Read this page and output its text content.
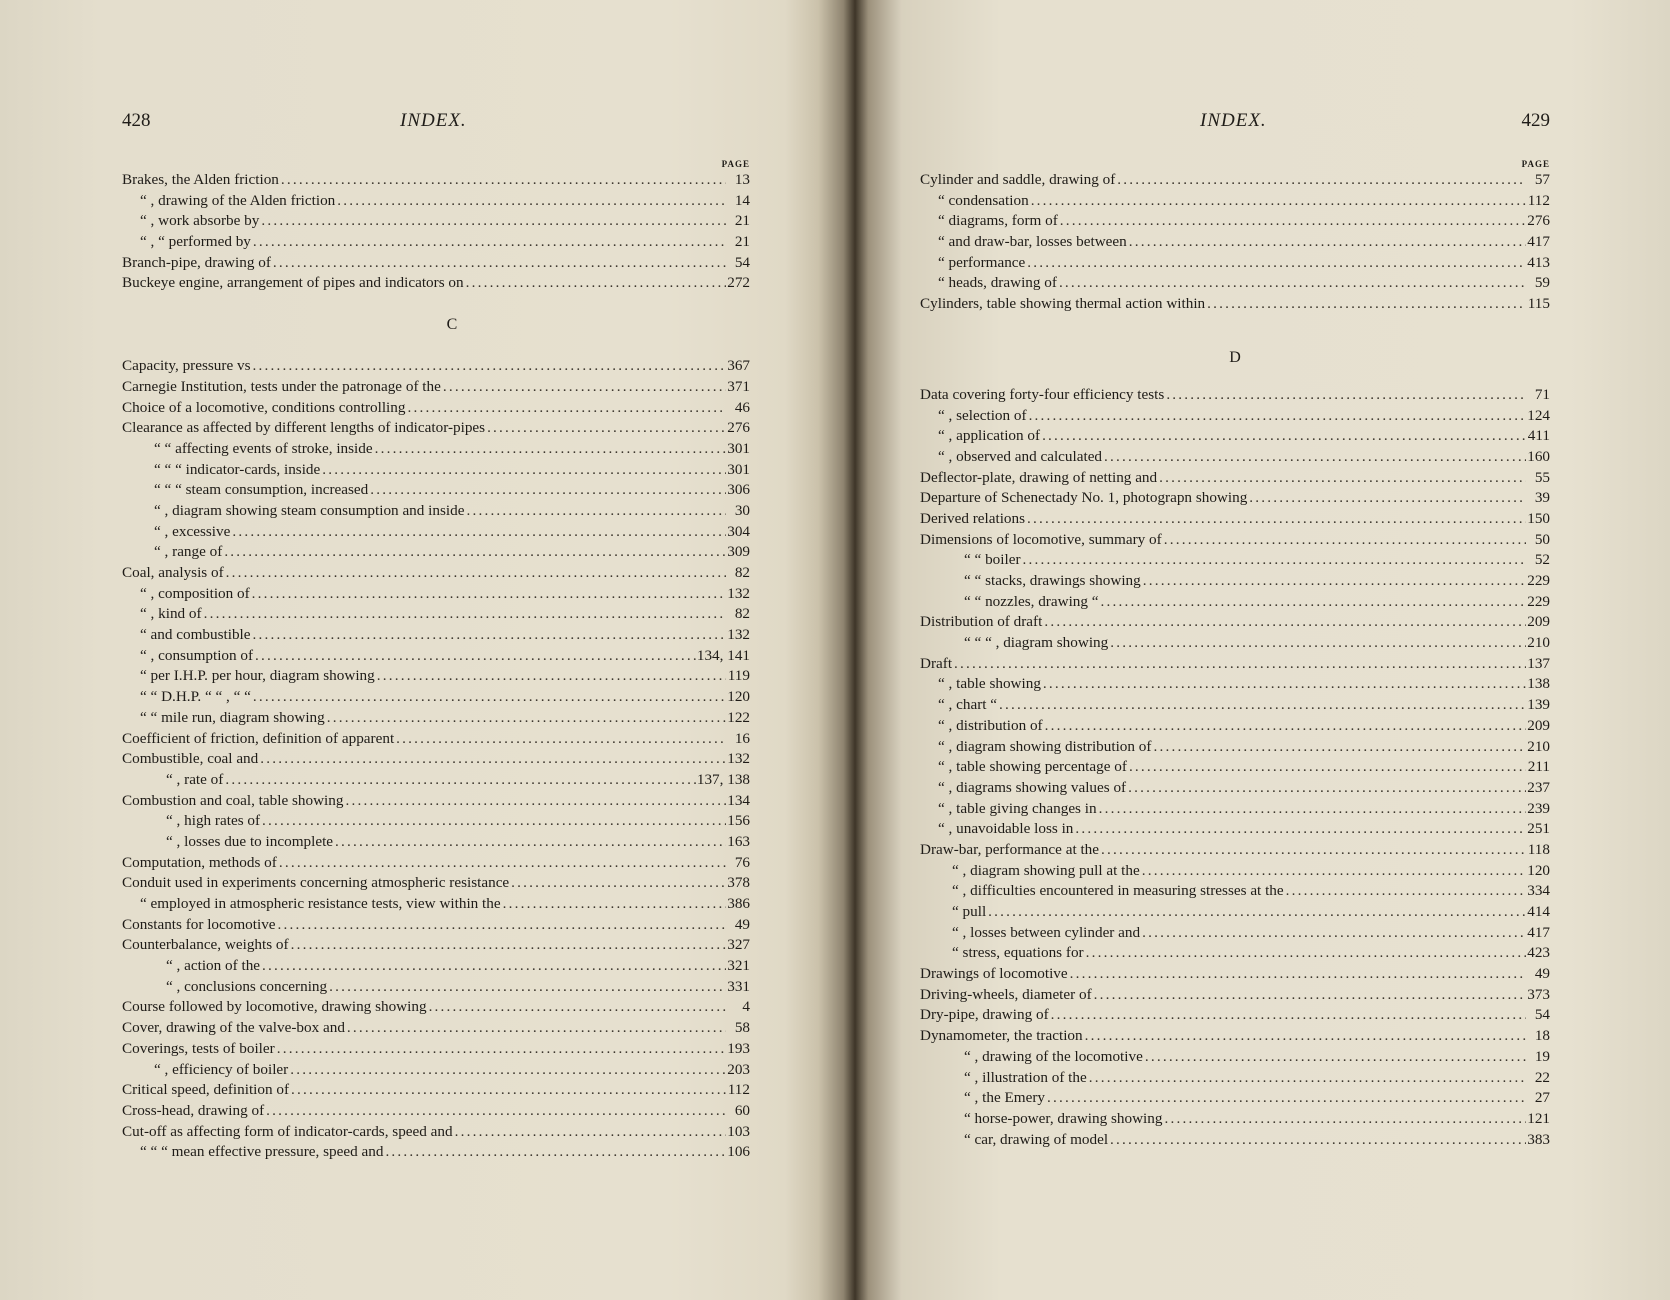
428	INDEX.
PAGE
Brakes, the Alden friction .....	13
“ , drawing of the Alden friction .....	14
“ , work absorbe by .....	21
“ , “ performed by .....	21
Branch-pipe, drawing of .....	54
Buckeye engine, arrangement of pipes and indicators on .....	272
C
Capacity, pressure vs .....	367
Carnegie Institution, tests under the patronage of the .....	371
Choice of a locomotive, conditions controlling .....	46
Clearance as affected by different lengths of indicator-pipes .....	276
“ “ affecting events of stroke, inside .....	301
“ “ “ indicator-cards, inside .....	301
“ “ “ steam consumption, increased .....	306
“ , diagram showing steam consumption and inside .....	30
“ , excessive .....	304
“ , range of .....	309
Coal, analysis of .....	82
“ , composition of .....	132
“ , kind of .....	82
“ and combustible .....	132
“ , consumption of .....	134, 141
“ per I.H.P. per hour, diagram showing .....	119
“ “ D.H.P. “ “ , “ “ .....	120
“ “ mile run, diagram showing .....	122
Coefficient of friction, definition of apparent .....	16
Combustible, coal and .....	132
“ , rate of .....	137, 138
Combustion and coal, table showing .....	134
“ , high rates of .....	156
“ , losses due to incomplete .....	163
Computation, methods of .....	76
Conduit used in experiments concerning atmospheric resistance .....	378
“ employed in atmospheric resistance tests, view within the .....	386
Constants for locomotive .....	49
Counterbalance, weights of .....	327
“ , action of the .....	321
“ , conclusions concerning .....	331
Course followed by locomotive, drawing showing .....	4
Cover, drawing of the valve-box and .....	58
Coverings, tests of boiler .....	193
“ , efficiency of boiler .....	203
Critical speed, definition of .....	112
Cross-head, drawing of .....	60
Cut-off as affecting form of indicator-cards, speed and .....	103
“ “ “ mean effective pressure, speed and .....	106
INDEX.	429
PAGE
Cylinder and saddle, drawing of .....	57
“ condensation .....	112
“ diagrams, form of .....	276
“ and draw-bar, losses between .....	417
“ performance .....	413
“ heads, drawing of .....	59
Cylinders, table showing thermal action within .....	115
D
Data covering forty-four efficiency tests .....	71
“ , selection of .....	124
“ , application of .....	411
“ , observed and calculated .....	160
Deflector-plate, drawing of netting and .....	55
Departure of Schenectady No. 1, photograpn showing .....	39
Derived relations .....	150
Dimensions of locomotive, summary of .....	50
“ “ boiler .....	52
“ “ stacks, drawings showing .....	229
“ “ nozzles, drawing “ .....	229
Distribution of draft .....	209
“ “ “ , diagram showing .....	210
Draft .....	137
“ , table showing .....	138
“ , chart “ .....	139
“ , distribution of .....	209
“ , diagram showing distribution of .....	210
“ , table showing percentage of .....	211
“ , diagrams showing values of .....	237
“ , table giving changes in .....	239
“ , unavoidable loss in .....	251
Draw-bar, performance at the .....	118
“ , diagram showing pull at the .....	120
“ , difficulties encountered in measuring stresses at the .....	334
“ pull .....	414
“ , losses between cylinder and .....	417
“ stress, equations for .....	423
Drawings of locomotive .....	49
Driving-wheels, diameter of .....	373
Dry-pipe, drawing of .....	54
Dynamometer, the traction .....	18
“ , drawing of the locomotive .....	19
“ , illustration of the .....	22
“ , the Emery .....	27
“ horse-power, drawing showing .....	121
“ car, drawing of model .....	383
